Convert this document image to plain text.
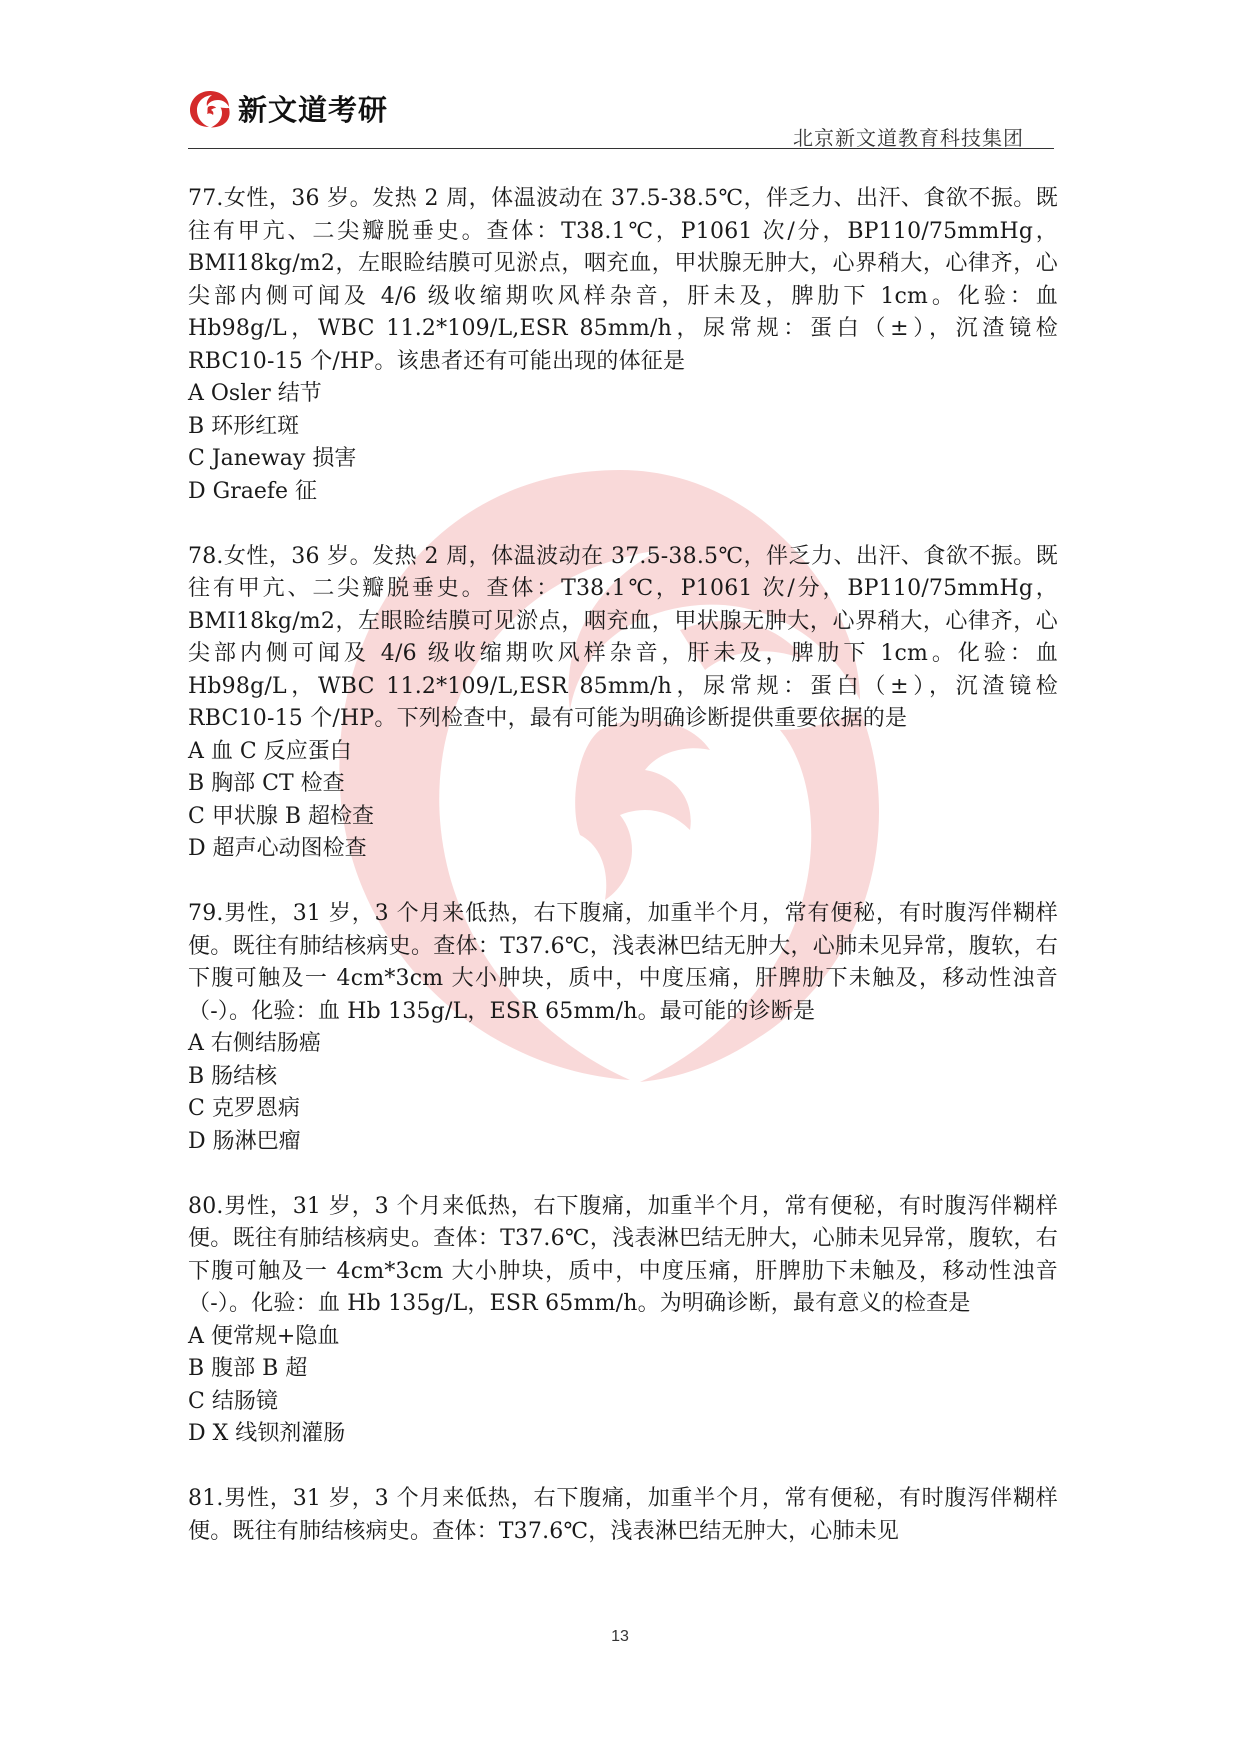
新文道考研
北京新文道教育科技集团

77.女性，36 岁。发热 2 周，体温波动在 37.5-38.5℃，伴乏力、出汗、食欲不振。既往有甲亢、二尖瓣脱垂史。查体：T38.1℃，P1061 次/分，BP110/75mmHg，BMI18kg/m2，左眼睑结膜可见淤点，咽充血，甲状腺无肿大，心界稍大，心律齐，心尖部内侧可闻及 4/6 级收缩期吹风样杂音，肝未及，脾肋下 1cm。化验：血 Hb98g/L，WBC 11.2*109/L,ESR 85mm/h，尿常规：蛋白（±），沉渣镜检 RBC10-15 个/HP。该患者还有可能出现的体征是

A Osler 结节
B 环形红斑
C Janeway 损害
D Graefe 征

78.女性，36 岁。发热 2 周，体温波动在 37.5-38.5℃，伴乏力、出汗、食欲不振。既往有甲亢、二尖瓣脱垂史。查体：T38.1℃，P1061 次/分，BP110/75mmHg，BMI18kg/m2，左眼睑结膜可见淤点，咽充血，甲状腺无肿大，心界稍大，心律齐，心尖部内侧可闻及 4/6 级收缩期吹风样杂音，肝未及，脾肋下 1cm。化验：血 Hb98g/L，WBC 11.2*109/L,ESR 85mm/h，尿常规：蛋白（±），沉渣镜检 RBC10-15 个/HP。下列检查中，最有可能为明确诊断提供重要依据的是

A 血 C 反应蛋白
B 胸部 CT 检查
C 甲状腺 B 超检查
D 超声心动图检查

79.男性，31 岁，3 个月来低热，右下腹痛，加重半个月，常有便秘，有时腹泻伴糊样便。既往有肺结核病史。查体：T37.6℃，浅表淋巴结无肿大，心肺未见异常，腹软，右下腹可触及一 4cm*3cm 大小肿块，质中，中度压痛，肝脾肋下未触及，移动性浊音（-）。化验：血 Hb 135g/L，ESR 65mm/h。最可能的诊断是

A 右侧结肠癌
B 肠结核
C 克罗恩病
D 肠淋巴瘤

80.男性，31 岁，3 个月来低热，右下腹痛，加重半个月，常有便秘，有时腹泻伴糊样便。既往有肺结核病史。查体：T37.6℃，浅表淋巴结无肿大，心肺未见异常，腹软，右下腹可触及一 4cm*3cm 大小肿块，质中，中度压痛，肝脾肋下未触及，移动性浊音（-）。化验：血 Hb 135g/L，ESR 65mm/h。为明确诊断，最有意义的检查是

A 便常规+隐血
B 腹部 B 超
C 结肠镜
D X 线钡剂灌肠

81.男性，31 岁，3 个月来低热，右下腹痛，加重半个月，常有便秘，有时腹泻伴糊样便。既往有肺结核病史。查体：T37.6℃，浅表淋巴结无肿大，心肺未见

13
